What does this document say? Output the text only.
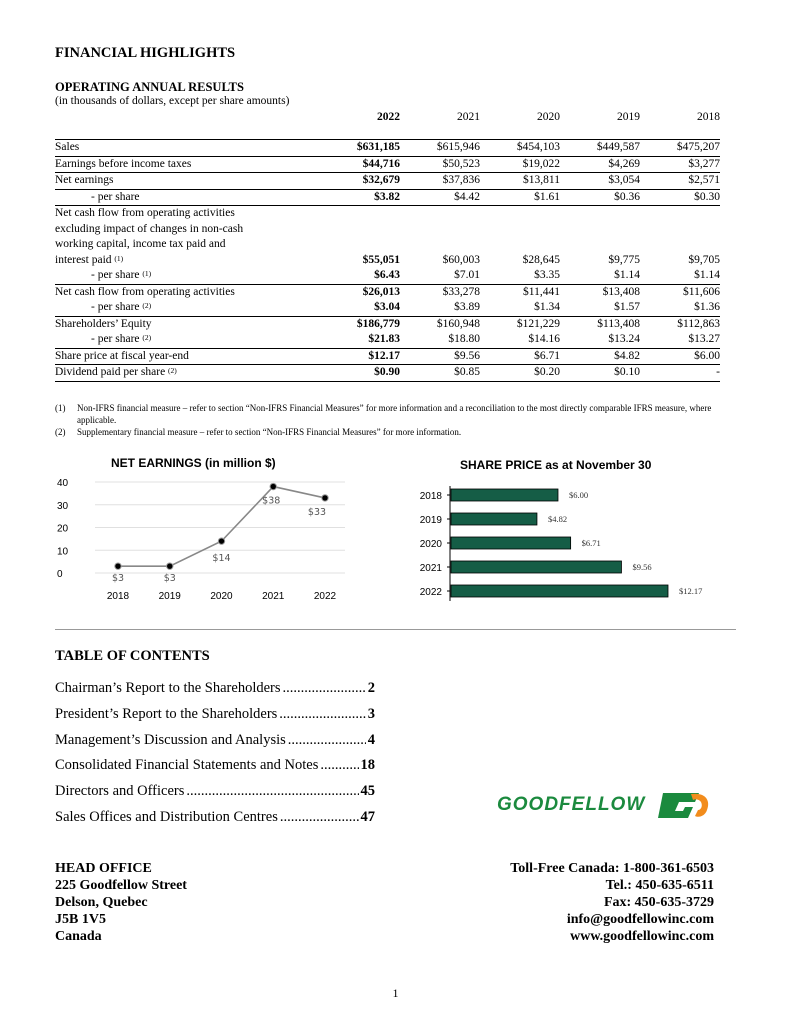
FINANCIAL HIGHLIGHTS
OPERATING ANNUAL RESULTS
(in thousands of dollars, except per share amounts)
	2022	2021	2020	2019	2018

Sales	$631,185	$615,946	$454,103	$449,587	$475,207
Earnings before income taxes	$44,716	$50,523	$19,022	$4,269	$3,277
Net earnings	$32,679	$37,836	$13,811	$3,054	$2,571
- per share	$3.82	$4.42	$1.61	$0.36	$0.30

Net cash flow from operating activities
excluding impact of changes in non-cash
working capital, income tax paid and
interest paid $^{(1)}$	$55,051	$60,003	$28,645	$9,775	$9,705
- per share $^{(1)}$	$6.43	$7.01	$3.35	$1.14	$1.14
Net cash flow from operating activities	$26,013	$33,278	$11,441	$13,408	$11,606
- per share $^{(2)}$	$3.04	$3.89	$1.34	$1.57	$1.36
Shareholders’ Equity	$186,779	$160,948	$121,229	$113,408	$112,863
- per share $^{(2)}$	$21.83	$18.80	$14.16	$13.24	$13.27
Share price at fiscal year-end	$12.17	$9.56	$6.71	$4.82	$6.00
Dividend paid per share $^{(2)}$	$0.90	$0.85	$0.20	$0.10	-
(1)	Non-IFRS financial measure – refer to section “Non-IFRS Financial Measures” for more information and a reconciliation to the most directly comparable IFRS measure, where applicable.
(2)	Supplementary financial measure – refer to section “Non-IFRS Financial Measures” for more information.
NET EARNINGS (in million $)
0
10
20
30
40
$3
2018
$3
2019
$14
2020
$38
2021
$33
2022
SHARE PRICE as at November 30
2018	$6.00
2019	$4.82
2020	$6.71
2021	$9.56
2022	$12.17
TABLE OF CONTENTS
Chairman’s Report to the Shareholders .....	2
President’s Report to the Shareholders .....	3
Management’s Discussion and Analysis .....	4
Consolidated Financial Statements and Notes .....	18
Directors and Officers .....	45
Sales Offices and Distribution Centres .....	47
GOODFELLOW
HEAD OFFICE
225 Goodfellow Street
Delson, Quebec
J5B 1V5
Canada
Toll-Free Canada: 1-800-361-6503
Tel.: 450-635-6511
Fax: 450-635-3729
info@goodfellowinc.com
www.goodfellowinc.com
1
